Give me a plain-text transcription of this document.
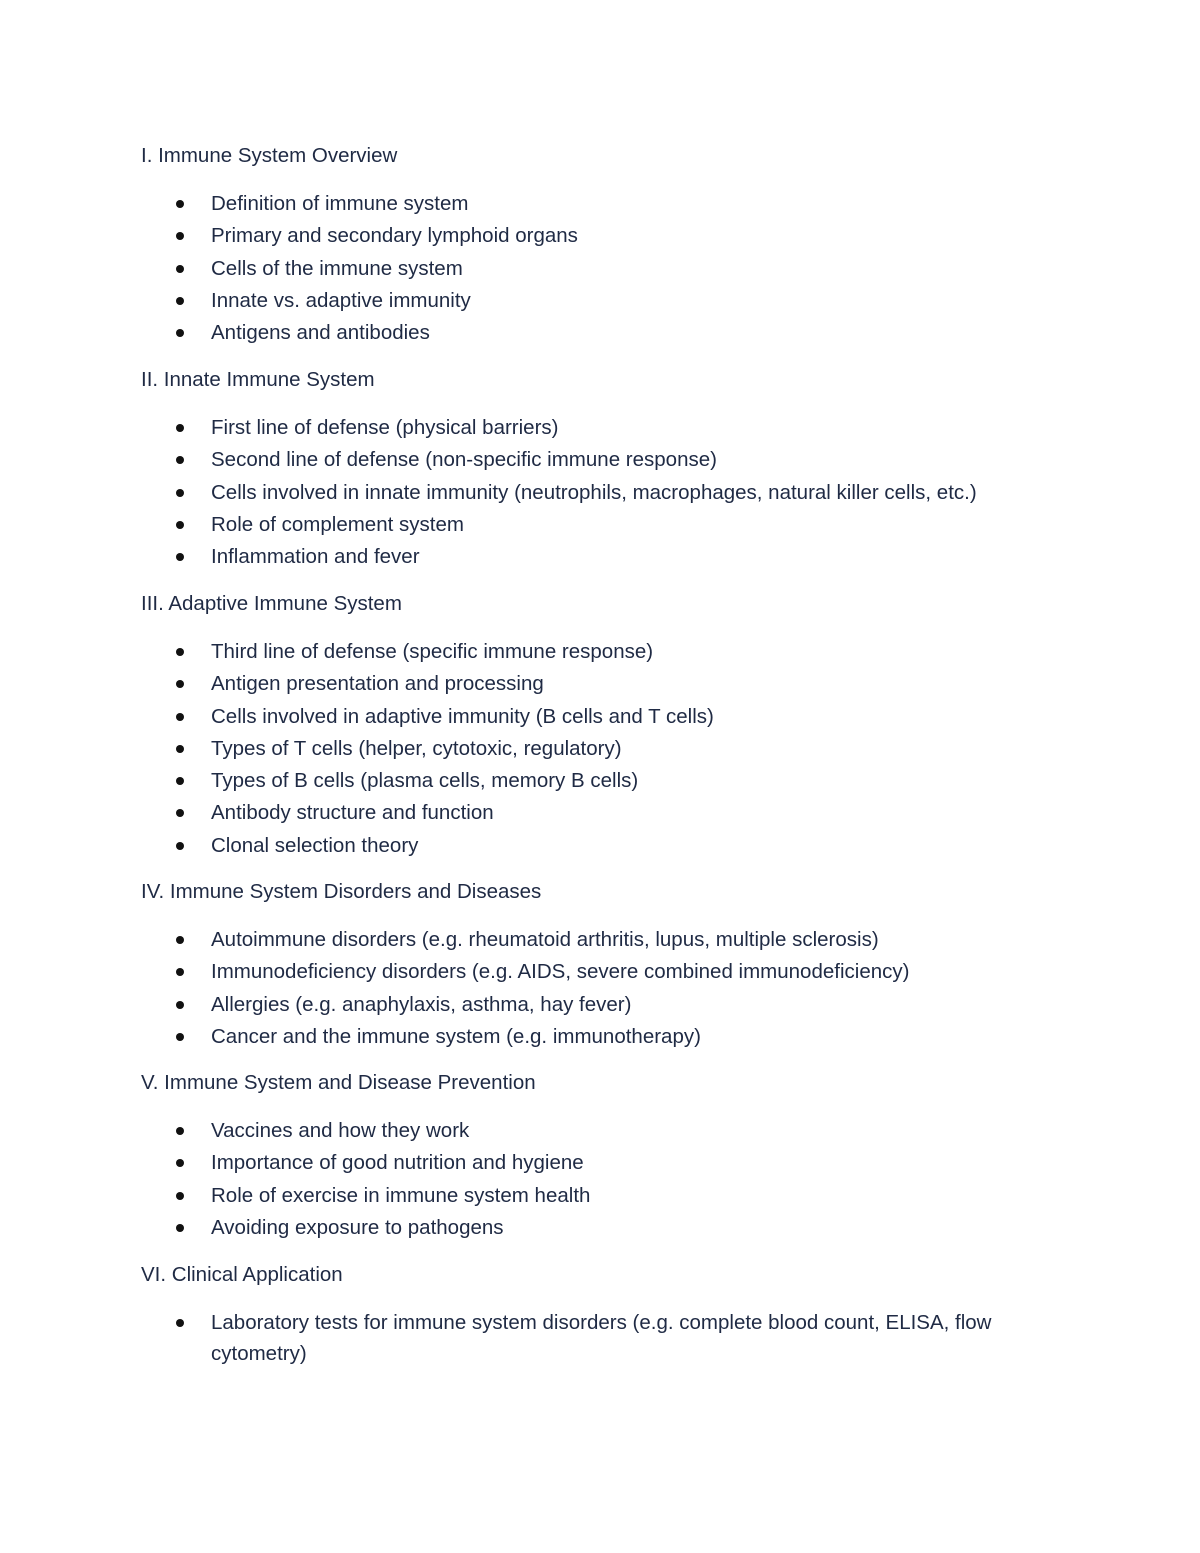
I. Immune System Overview
Definition of immune system
Primary and secondary lymphoid organs
Cells of the immune system
Innate vs. adaptive immunity
Antigens and antibodies
II. Innate Immune System
First line of defense (physical barriers)
Second line of defense (non-specific immune response)
Cells involved in innate immunity (neutrophils, macrophages, natural killer cells, etc.)
Role of complement system
Inflammation and fever
III. Adaptive Immune System
Third line of defense (specific immune response)
Antigen presentation and processing
Cells involved in adaptive immunity (B cells and T cells)
Types of T cells (helper, cytotoxic, regulatory)
Types of B cells (plasma cells, memory B cells)
Antibody structure and function
Clonal selection theory
IV. Immune System Disorders and Diseases
Autoimmune disorders (e.g. rheumatoid arthritis, lupus, multiple sclerosis)
Immunodeficiency disorders (e.g. AIDS, severe combined immunodeficiency)
Allergies (e.g. anaphylaxis, asthma, hay fever)
Cancer and the immune system (e.g. immunotherapy)
V. Immune System and Disease Prevention
Vaccines and how they work
Importance of good nutrition and hygiene
Role of exercise in immune system health
Avoiding exposure to pathogens
VI. Clinical Application
Laboratory tests for immune system disorders (e.g. complete blood count, ELISA, flow cytometry)
